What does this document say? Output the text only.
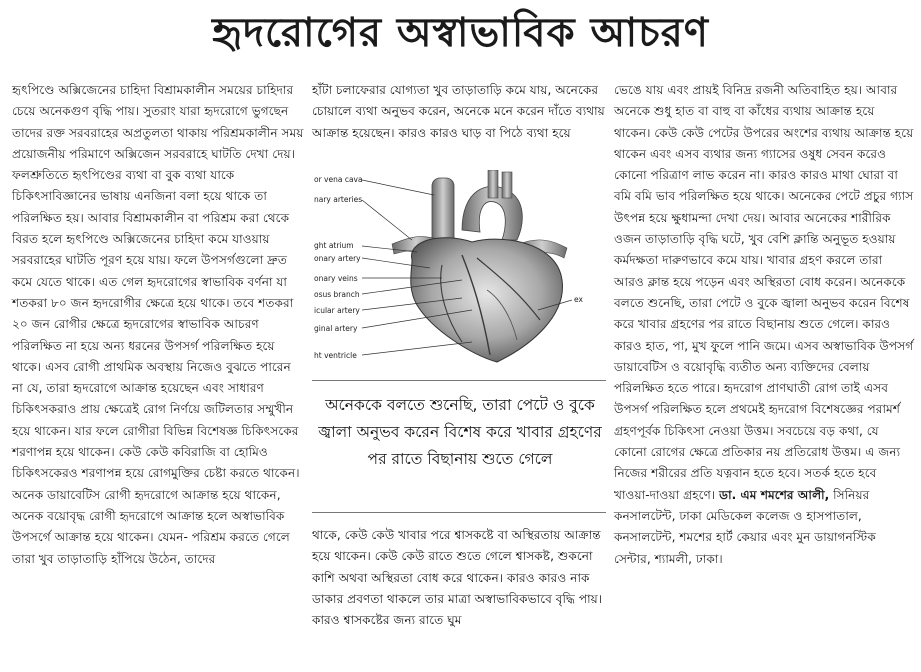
হৃদরোগের অস্বাভাবিক আচরণ

হৃৎপিণ্ডে অক্সিজেনের চাহিদা বিশ্রামকালীন সময়ের চাহিদার চেয়ে অনেকগুণ বৃদ্ধি পায়। সুতরাং যারা হৃদরোগে ভুগছেন তাদের রক্ত সরবরাহের অপ্রতুলতা থাকায় পরিশ্রমকালীন সময় প্রয়োজনীয় পরিমাণে অক্সিজেন সরবরাহে ঘাটতি দেখা দেয়। ফলশ্রুতিতে হৃৎপিণ্ডের ব্যথা বা বুক ব্যথা যাকে চিকিৎসাবিজ্ঞানের ভাষায় এনজিনা বলা হয়ে থাকে তা পরিলক্ষিত হয়। আবার বিশ্রামকালীন বা পরিশ্রম করা থেকে বিরত হলে হৃৎপিণ্ডে অক্সিজেনের চাহিদা কমে যাওয়ায় সরবরাহের ঘাটতি পূরণ হয়ে যায়। ফলে উপসর্গগুলো দ্রুত কমে যেতে থাকে। এত গেল হৃদরোগের স্বাভাবিক বর্ণনা যা শতকরা ৮০ জন হৃদরোগীর ক্ষেত্রে হয়ে থাকে। তবে শতকরা ২০ জন রোগীর ক্ষেত্রে হৃদরোগের স্বাভাবিক আচরণ পরিলক্ষিত না হয়ে অন্য ধরনের উপসর্গ পরিলক্ষিত হয়ে থাকে। এসব রোগী প্রাথমিক অবস্থায় নিজেও বুঝতে পারেন না যে, তারা হৃদরোগে আক্রান্ত হয়েছেন এবং সাধারণ চিকিৎসকরাও প্রায় ক্ষেত্রেই রোগ নির্ণয়ে জটিলতার সম্মুখীন হয়ে থাকেন। যার ফলে রোগীরা বিভিন্ন বিশেষজ্ঞ চিকিৎসকের শরণাপন্ন হয়ে থাকেন। কেউ কেউ কবিরাজি বা হোমিও চিকিৎসকেরও শরণাপন্ন হয়ে রোগমুক্তির চেষ্টা করতে থাকেন। অনেক ডায়াবেটিস রোগী হৃদরোগে আক্রান্ত হয়ে থাকেন, অনেক বয়োবৃদ্ধ রোগী হৃদরোগে আক্রান্ত হলে অস্বাভাবিক উপসর্গে আক্রান্ত হয়ে থাকেন। যেমন- পরিশ্রম করতে গেলে তারা খুব তাড়াতাড়ি হাঁপিয়ে উঠেন, তাদের

হাঁটা চলাফেরার যোগ্যতা খুব তাড়াতাড়ি কমে যায়, অনেকের চোয়ালে ব্যথা অনুভব করেন, অনেকে মনে করেন দাঁতে ব্যথায় আক্রান্ত হয়েছেন। কারও কারও ঘাড় বা পিঠে ব্যথা হয়ে

or vena cava
nary arteries
ght atrium
onary artery
onary veins
osus branch
icular artery
ginal artery
ht ventricle
ex
অনেককে বলতে শুনেছি, তারা পেটে ও বুকে জ্বালা অনুভব করেন বিশেষ করে খাবার গ্রহণের পর রাতে বিছানায় শুতে গেলে

থাকে, কেউ কেউ খাবার পরে শ্বাসকষ্টে বা অস্থিরতায় আক্রান্ত হয়ে থাকেন। কেউ কেউ রাতে শুতে গেলে শ্বাসকষ্ট, শুকনো কাশি অথবা অস্থিরতা বোধ করে থাকেন। কারও কারও নাক ডাকার প্রবণতা থাকলে তার মাত্রা অস্বাভাবিকভাবে বৃদ্ধি পায়। কারও শ্বাসকষ্টের জন্য রাতে ঘুম

ভেঙে যায় এবং প্রায়ই বিনিদ্র রজনী অতিবাহিত হয়। আবার অনেকে শুধু হাত বা বাহু বা কাঁধের ব্যথায় আক্রান্ত হয়ে থাকেন। কেউ কেউ পেটের উপরের অংশের ব্যথায় আক্রান্ত হয়ে থাকেন এবং এসব ব্যথার জন্য গ্যাসের ওষুধ সেবন করেও কোনো পরিত্রাণ লাভ করেন না। কারও কারও মাথা ঘোরা বা বমি বমি ভাব পরিলক্ষিত হয়ে থাকে। অনেকের পেটে প্রচুর গ্যাস উৎপন্ন হয়ে ক্ষুধামন্দা দেখা দেয়। আবার অনেকের শারীরিক ওজন তাড়াতাড়ি বৃদ্ধি ঘটে, খুব বেশি ক্লান্তি অনুভূত হওয়ায় কর্মদক্ষতা দারুণভাবে কমে যায়। খাবার গ্রহণ করলে তারা আরও ক্লান্ত হয়ে পড়েন এবং অস্থিরতা বোধ করেন। অনেককে বলতে শুনেছি, তারা পেটে ও বুকে জ্বালা অনুভব করেন বিশেষ করে খাবার গ্রহণের পর রাতে বিছানায় শুতে গেলে। কারও কারও হাত, পা, মুখ ফুলে পানি জমে। এসব অস্বাভাবিক উপসর্গ ডায়াবেটিস ও বয়োবৃদ্ধি ব্যতীত অন্য ব্যক্তিদের বেলায় পরিলক্ষিত হতে পারে। হৃদরোগ প্রাণঘাতী রোগ তাই এসব উপসর্গ পরিলক্ষিত হলে প্রথমেই হৃদরোগ বিশেষজ্ঞের পরামর্শ গ্রহণপূর্বক চিকিৎসা নেওয়া উত্তম। সবচেয়ে বড় কথা, যে কোনো রোগের ক্ষেত্রে প্রতিকার নয় প্রতিরোধ উত্তম। এ জন্য নিজের শরীরের প্রতি যত্নবান হতে হবে। সতর্ক হতে হবে খাওয়া-দাওয়া গ্রহণে। ডা. এম শমশের আলী, সিনিয়র কনসালটেন্ট, ঢাকা মেডিকেল কলেজ ও হাসপাতাল, কনসালটেন্ট, শমশের হার্ট কেয়ার এবং মুন ডায়াগনস্টিক সেন্টার, শ্যামলী, ঢাকা।
